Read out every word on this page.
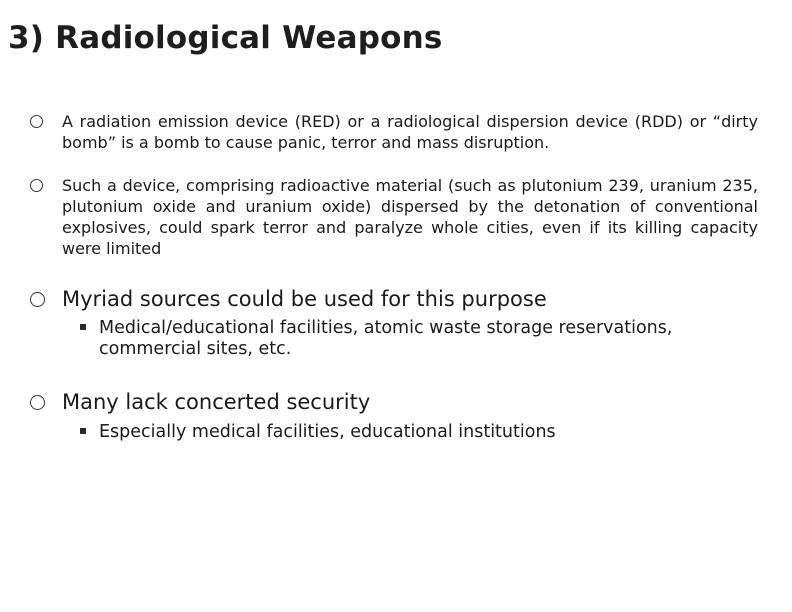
3) Radiological Weapons
A radiation emission device (RED) or a radiological dispersion device (RDD) or “dirty bomb” is a bomb to cause panic, terror and mass disruption.
Such a device, comprising radioactive material (such as plutonium 239, uranium 235, plutonium oxide and uranium oxide) dispersed by the detonation of conventional explosives, could spark terror and paralyze whole cities, even if its killing capacity were limited
Myriad sources could be used for this purpose
Medical/educational facilities, atomic waste storage reservations, commercial sites, etc.
Many lack concerted security
Especially medical facilities, educational institutions
